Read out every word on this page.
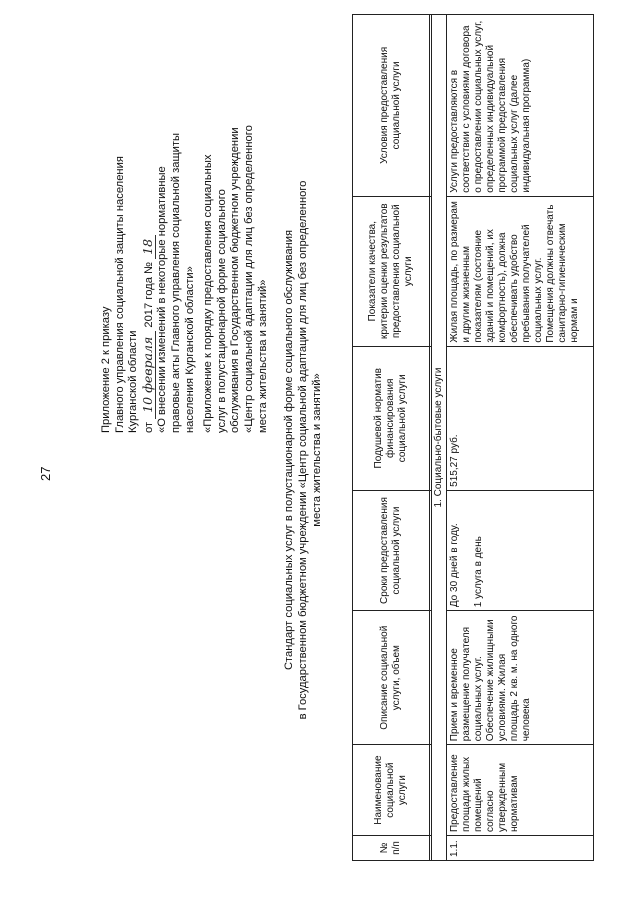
27

Приложение 2 к приказу Главного управления социальной защиты населения Курганской области от 10 февраля 2017 года № 18 «О внесении изменений в некоторые нормативные правовые акты Главного управления социальной защиты населения Курганской области» «Приложение к порядку предоставления социальных услуг в полустационарной форме социального обслуживания в Государственном бюджетном учреждении «Центр социальной адаптации для лиц без определенного места жительства и занятий» Стандарт социальных услуг в полустационарной форме социального обслуживания в Государственном бюджетном учреждении «Центр социальной адаптации для лиц без определенного места жительства и занятий»
№ п/п	Наименование социальной услуги	Описание социальной услуги, объем	Сроки предоставления социальной услуги	Подушевой норматив финансирования социальной услуги	Показатели качества, критерии оценки результатов предоставления социальной услуги	Условия предоставления социальной услуги

1. Социально-бытовые услуги						
1.1.	Предоставление площади жилых помещений согласно утвержденным нормативам	Прием и временное размещение получателя социальных услуг. Обеспечение жилищными условиями. Жилая площадь 2 кв. м. на одного человека	До 30 дней в году. 1 услуга в день	515,27 руб.	Жилая площадь, по размерам и другим жизненным показателям (состояние зданий и помещений, их комфортность), должна обеспечивать удобство пребывания получателей социальных услуг. Помещения должны отвечать санитарно-гигиеническим нормам и	Услуги предоставляются в соответствии с условиями договора о предоставлении социальных услуг, определенных индивидуальной программой предоставления социальных услуг (далее индивидуальная программа)
